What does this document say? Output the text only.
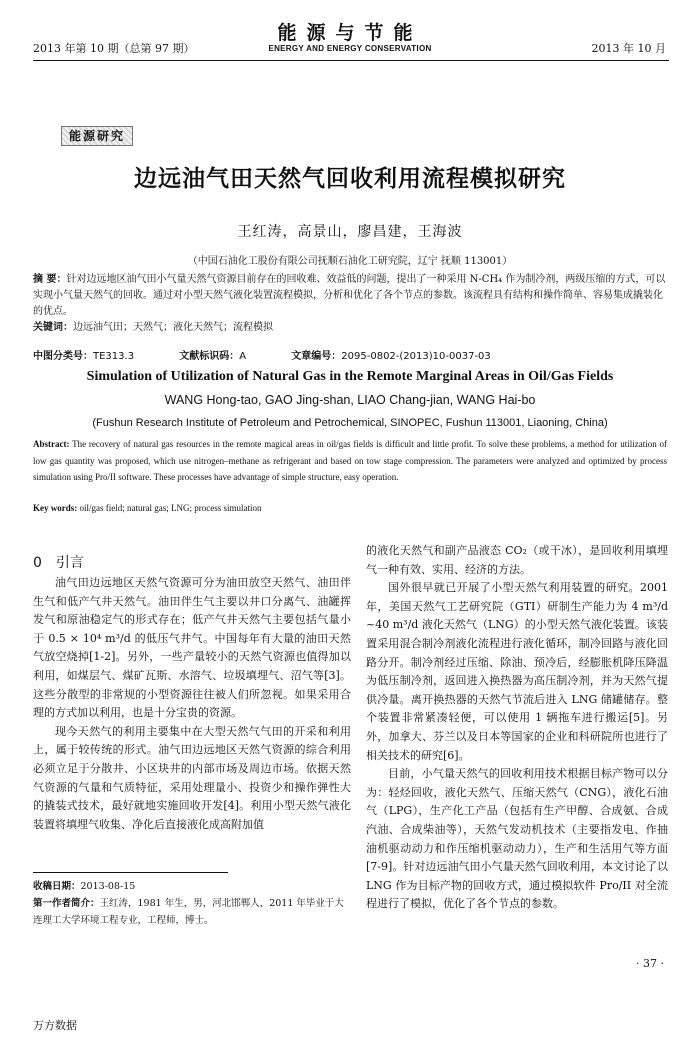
2013 年第 10 期（总第 97 期）
能源与节能
ENERGY AND ENERGY CONSERVATION	2013 年 10 月
能源研究
边远油气田天然气回收利用流程模拟研究
王红涛，高景山，廖昌建，王海波
（中国石油化工股份有限公司抚顺石油化工研究院，辽宁 抚顺 113001）
摘 要：针对边远地区油气田小气量天然气资源目前存在的回收难、效益低的问题，提出了一种采用 N-CH₄ 作为制冷剂，两级压缩的方式，可以实现小气量天然气的回收。通过对小型天然气液化装置流程模拟，分析和优化了各个节点的参数。该流程具有结构和操作简单、容易集成撬装化的优点。
关键词：边远油气田；天然气；液化天然气；流程模拟
中图分类号：TE313.3	文献标识码：A	文章编号：2095-0802-(2013)10-0037-03
Simulation of Utilization of Natural Gas in the Remote Marginal Areas in Oil/Gas Fields
WANG Hong-tao, GAO Jing-shan, LIAO Chang-jian, WANG Hai-bo
(Fushun Research Institute of Petroleum and Petrochemical, SINOPEC, Fushun 113001, Liaoning, China)
Abstract: The recovery of natural gas resources in the remote magical areas in oil/gas fields is difficult and little profit. To solve these problems, a method for utilization of low gas quantity was proposed, which use nitrogen–methane as refrigerant and based on tow stage compression. The parameters were analyzed and optimized by process simulation using Pro/II software. These processes have advantage of simple structure, easy operation.
Key words: oil/gas field; natural gas; LNG; process simulation
0 引言

油气田边远地区天然气资源可分为油田放空天然气、油田伴生气和低产气井天然气。油田伴生气主要以井口分离气、油罐挥发气和原油稳定气的形式存在；低产气井天然气主要包括气量小于 0.5 × 10⁴ m³/d 的低压气井气。中国每年有大量的油田天然气放空烧掉[1-2]。另外，一些产量较小的天然气资源也值得加以利用，如煤层气、煤矿瓦斯、水溶气、垃圾填埋气、沼气等[3]。这些分散型的非常规的小型资源往往被人们所忽视。如果采用合理的方式加以利用，也是十分宝贵的资源。

现今天然气的利用主要集中在大型天然气气田的开采和利用上，属于较传统的形式。油气田边远地区天然气资源的综合利用必须立足于分散井、小区块井的内部市场及周边市场。依据天然气资源的气量和气质特征，采用处理量小、投资少和操作弹性大的撬装式技术，最好就地实施回收开发[4]。利用小型天然气液化装置将填埋气收集、净化后直接液化成高附加值

的液化天然气和副产品液态 CO₂（或干冰），是回收利用填埋气一种有效、实用、经济的方法。

国外很早就已开展了小型天然气利用装置的研究。2001 年，美国天然气工艺研究院（GTI）研制生产能力为 4 m³/d ~40 m³/d 液化天然气（LNG）的小型天然气液化装置。该装置采用混合制冷剂液化流程进行液化循环，制冷回路与液化回路分开。制冷剂经过压缩、除油、预冷后，经膨胀机降压降温为低压制冷剂，返回进入换热器为高压制冷剂，并为天然气提供冷量。离开换热器的天然气节流后进入 LNG 储罐储存。整个装置非常紧凑轻便，可以使用 1 辆拖车进行搬运[5]。另外，加拿大、芬兰以及日本等国家的企业和科研院所也进行了相关技术的研究[6]。

目前，小气量天然气的回收利用技术根据目标产物可以分为：轻烃回收，液化天然气、压缩天然气（CNG），液化石油气（LPG），生产化工产品（包括有生产甲醇、合成氨、合成汽油、合成柴油等），天然气发动机技术（主要指发电、作抽油机驱动动力和作压缩机驱动动力），生产和生活用气等方面[7-9]。针对边远油气田小气量天然气回收利用，本文讨论了以 LNG 作为目标产物的回收方式，通过模拟软件 Pro/II 对全流程进行了模拟，优化了各个节点的参数。

收稿日期：2013-08-15
第一作者简介：王红涛，1981 年生，男，河北邯郸人，2011 年毕业于大连理工大学环境工程专业，工程师，博士。
· 37 ·
万方数据
